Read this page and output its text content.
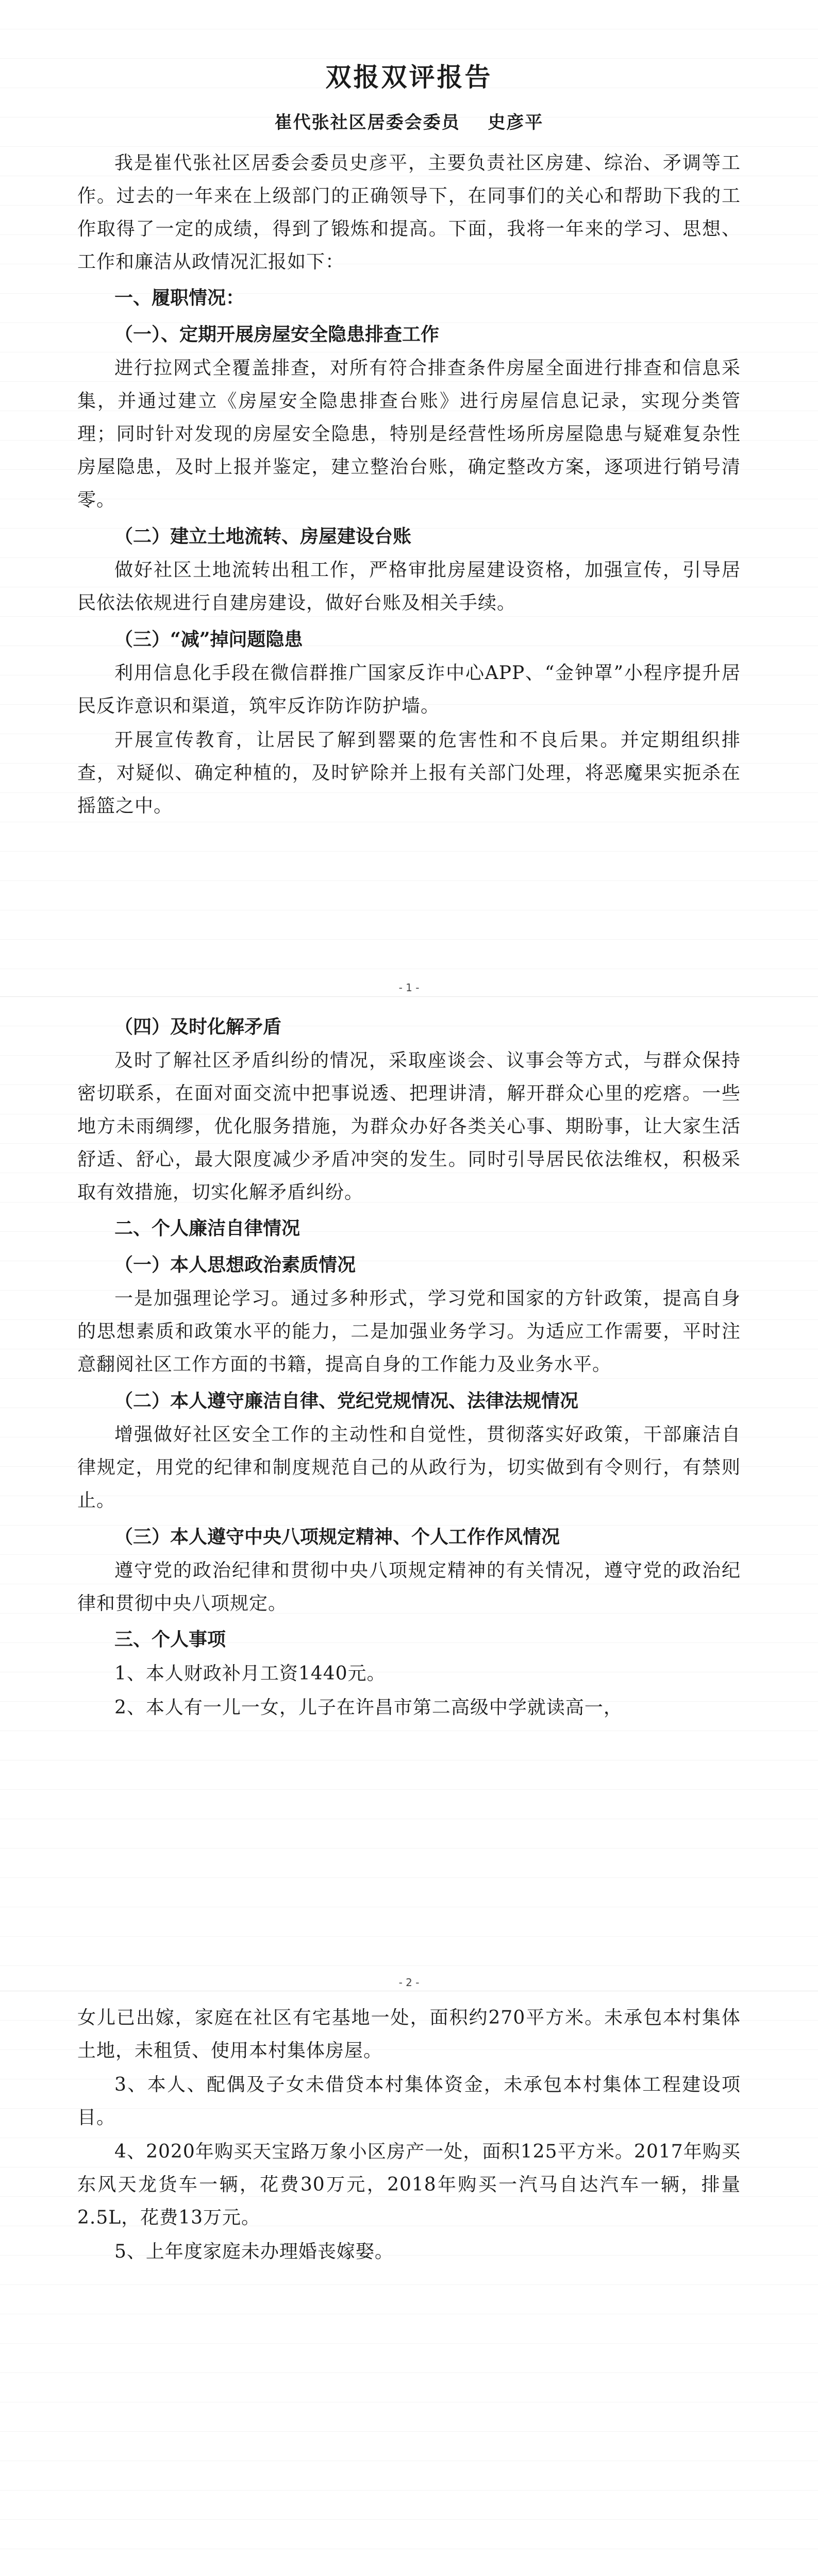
双报双评报告
崔代张社区居委会委员 史彦平

我是崔代张社区居委会委员史彦平，主要负责社区房建、综治、矛调等工作。过去的一年来在上级部门的正确领导下，在同事们的关心和帮助下我的工作取得了一定的成绩，得到了锻炼和提高。下面，我将一年来的学习、思想、工作和廉洁从政情况汇报如下：

一、履职情况：
（一）、定期开展房屋安全隐患排查工作

进行拉网式全覆盖排查，对所有符合排查条件房屋全面进行排查和信息采集，并通过建立《房屋安全隐患排查台账》进行房屋信息记录，实现分类管理；同时针对发现的房屋安全隐患，特别是经营性场所房屋隐患与疑难复杂性房屋隐患，及时上报并鉴定，建立整治台账，确定整改方案，逐项进行销号清零。

（二）建立土地流转、房屋建设台账

做好社区土地流转出租工作，严格审批房屋建设资格，加强宣传，引导居民依法依规进行自建房建设，做好台账及相关手续。

（三）“减”掉问题隐患

利用信息化手段在微信群推广国家反诈中心APP、“金钟罩”小程序提升居民反诈意识和渠道，筑牢反诈防诈防护墙。

开展宣传教育，让居民了解到罂粟的危害性和不良后果。并定期组织排查，对疑似、确定种植的，及时铲除并上报有关部门处理，将恶魔果实扼杀在摇篮之中。

- 1 -
（四）及时化解矛盾

及时了解社区矛盾纠纷的情况，采取座谈会、议事会等方式，与群众保持密切联系，在面对面交流中把事说透、把理讲清，解开群众心里的疙瘩。一些地方未雨绸缪，优化服务措施，为群众办好各类关心事、期盼事，让大家生活舒适、舒心，最大限度减少矛盾冲突的发生。同时引导居民依法维权，积极采取有效措施，切实化解矛盾纠纷。

二、个人廉洁自律情况
（一）本人思想政治素质情况

一是加强理论学习。通过多种形式，学习党和国家的方针政策，提高自身的思想素质和政策水平的能力，二是加强业务学习。为适应工作需要，平时注意翻阅社区工作方面的书籍，提高自身的工作能力及业务水平。

（二）本人遵守廉洁自律、党纪党规情况、法律法规情况

增强做好社区安全工作的主动性和自觉性，贯彻落实好政策，干部廉洁自律规定，用党的纪律和制度规范自己的从政行为，切实做到有令则行，有禁则止。

（三）本人遵守中央八项规定精神、个人工作作风情况

遵守党的政治纪律和贯彻中央八项规定精神的有关情况，遵守党的政治纪律和贯彻中央八项规定。

三、个人事项

1、本人财政补月工资1440元。

2、本人有一儿一女，儿子在许昌市第二高级中学就读高一，

- 2 -

女儿已出嫁，家庭在社区有宅基地一处，面积约270平方米。未承包本村集体土地，未租赁、使用本村集体房屋。

3、本人、配偶及子女未借贷本村集体资金，未承包本村集体工程建设项目。

4、2020年购买天宝路万象小区房产一处，面积125平方米。2017年购买东风天龙货车一辆，花费30万元，2018年购买一汽马自达汽车一辆，排量2.5L，花费13万元。

5、上年度家庭未办理婚丧嫁娶。
